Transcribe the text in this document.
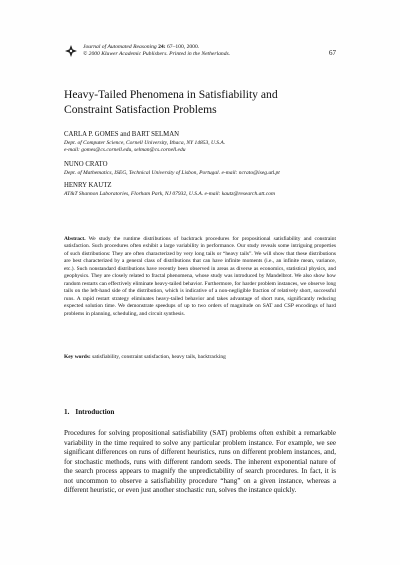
Journal of Automated Reasoning 24: 67–100, 2000.
© 2000 Kluwer Academic Publishers. Printed in the Netherlands.	67
Heavy-Tailed Phenomena in Satisfiability and
Constraint Satisfaction Problems
CARLA P. GOMES and BART SELMAN
Dept. of Computer Science, Cornell University, Ithaca, NY 14853, U.S.A.
e-mail: gomes@cs.cornell.edu, selman@cs.cornell.edu
NUNO CRATO
Dept. of Mathematics, ISEG, Technical University of Lisbon, Portugal. e-mail: ncrato@iseg.utl.pt
HENRY KAUTZ
AT&T Shannon Laboratories, Florham Park, NJ 07932, U.S.A. e-mail: kautz@research.att.com
Abstract. We study the runtime distributions of backtrack procedures for propositional satisfiability and constraint satisfaction. Such procedures often exhibit a large variability in performance. Our study reveals some intriguing properties of such distributions: They are often characterized by very long tails or “heavy tails”. We will show that these distributions are best characterized by a general class of distributions that can have infinite moments (i.e., an infinite mean, variance, etc.). Such nonstandard distributions have recently been observed in areas as diverse as economics, statistical physics, and geophysics. They are closely related to fractal phenomena, whose study was introduced by Mandelbrot. We also show how random restarts can effectively eliminate heavy-tailed behavior. Furthermore, for harder problem instances, we observe long tails on the left-hand side of the distribution, which is indicative of a non-negligible fraction of relatively short, successful runs. A rapid restart strategy eliminates heavy-tailed behavior and takes advantage of short runs, significantly reducing expected solution time. We demonstrate speedups of up to two orders of magnitude on SAT and CSP encodings of hard problems in planning, scheduling, and circuit synthesis.
Key words: satisfiability, constraint satisfaction, heavy tails, backtracking
1. Introduction
Procedures for solving propositional satisfiability (SAT) problems often exhibit a remarkable variability in the time required to solve any particular problem instance. For example, we see significant differences on runs of different heuristics, runs on different problem instances, and, for stochastic methods, runs with different random seeds. The inherent exponential nature of the search process appears to magnify the unpredictability of search procedures. In fact, it is not uncommon to observe a satisfiability procedure “hang” on a given instance, whereas a different heuristic, or even just another stochastic run, solves the instance quickly.
